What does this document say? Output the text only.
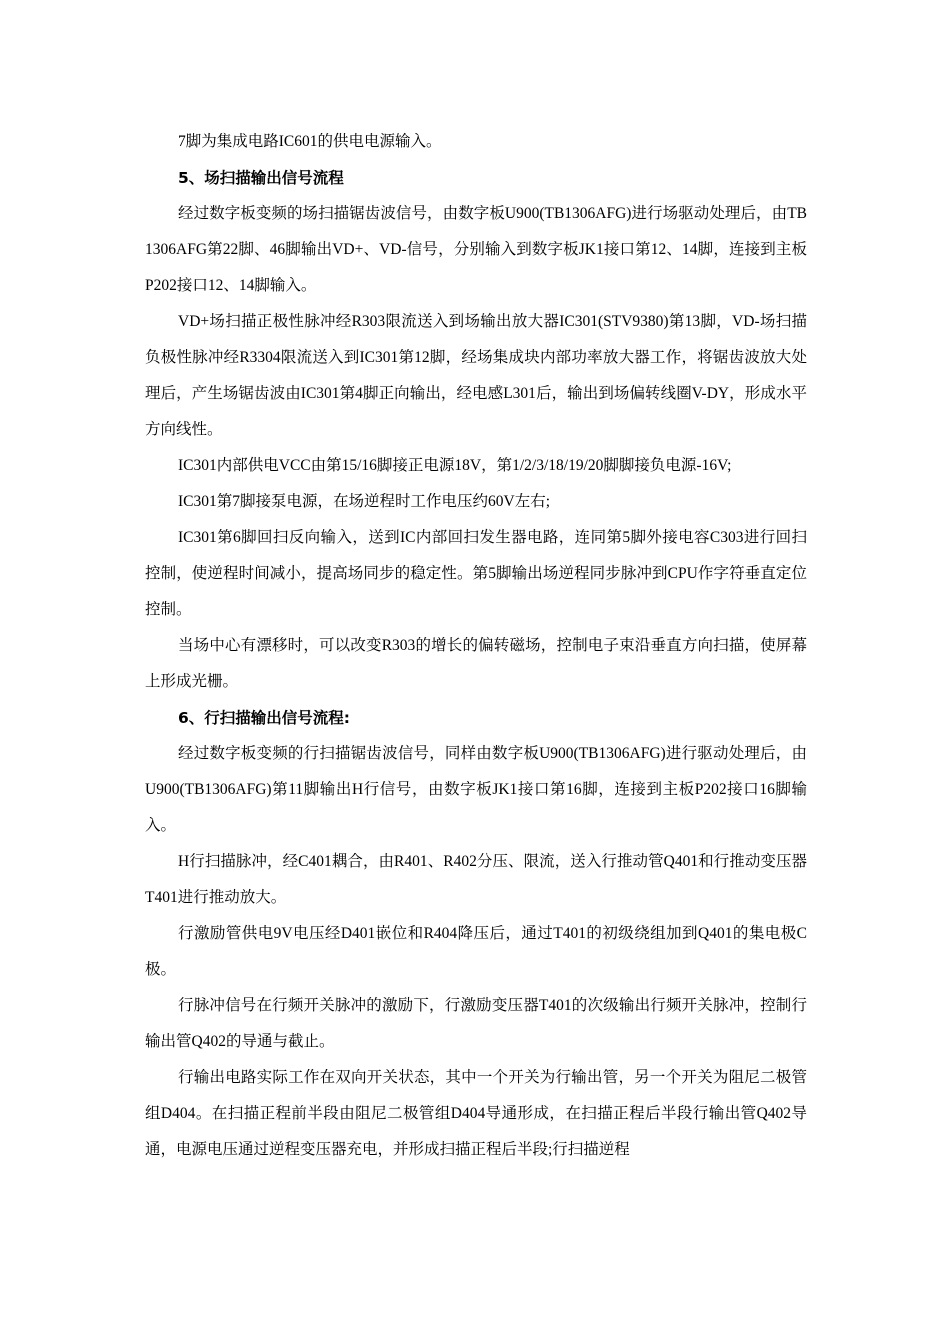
7脚为集成电路IC601的供电电源输入。

5、场扫描输出信号流程

经过数字板变频的场扫描锯齿波信号，由数字板U900(TB1306AFG)进行场驱动处理后，由TB1306AFG第22脚、46脚输出VD+、VD-信号，分别输入到数字板JK1接口第12、14脚，连接到主板P202接口12、14脚输入。

VD+场扫描正极性脉冲经R303限流送入到场输出放大器IC301(STV9380)第13脚，VD-场扫描负极性脉冲经R3304限流送入到IC301第12脚，经场集成块内部功率放大器工作，将锯齿波放大处理后，产生场锯齿波由IC301第4脚正向输出，经电感L301后，输出到场偏转线圈V-DY，形成水平方向线性。

IC301内部供电VCC由第15/16脚接正电源18V，第1/2/3/18/19/20脚脚接负电源-16V;

IC301第7脚接泵电源，在场逆程时工作电压约60V左右;

IC301第6脚回扫反向输入，送到IC内部回扫发生器电路，连同第5脚外接电容C303进行回扫控制，使逆程时间减小，提高场同步的稳定性。第5脚输出场逆程同步脉冲到CPU作字符垂直定位控制。

当场中心有漂移时，可以改变R303的增长的偏转磁场，控制电子束沿垂直方向扫描，使屏幕上形成光栅。

6、行扫描输出信号流程:

经过数字板变频的行扫描锯齿波信号，同样由数字板U900(TB1306AFG)进行驱动处理后，由U900(TB1306AFG)第11脚输出H行信号，由数字板JK1接口第16脚，连接到主板P202接口16脚输入。

H行扫描脉冲，经C401耦合，由R401、R402分压、限流，送入行推动管Q401和行推动变压器T401进行推动放大。

行激励管供电9V电压经D401嵌位和R404降压后，通过T401的初级绕组加到Q401的集电极C极。

行脉冲信号在行频开关脉冲的激励下，行激励变压器T401的次级输出行频开关脉冲，控制行输出管Q402的导通与截止。

行输出电路实际工作在双向开关状态，其中一个开关为行输出管，另一个开关为阻尼二极管组D404。在扫描正程前半段由阻尼二极管组D404导通形成，在扫描正程后半段行输出管Q402导通，电源电压通过逆程变压器充电，并形成扫描正程后半段;行扫描逆程
